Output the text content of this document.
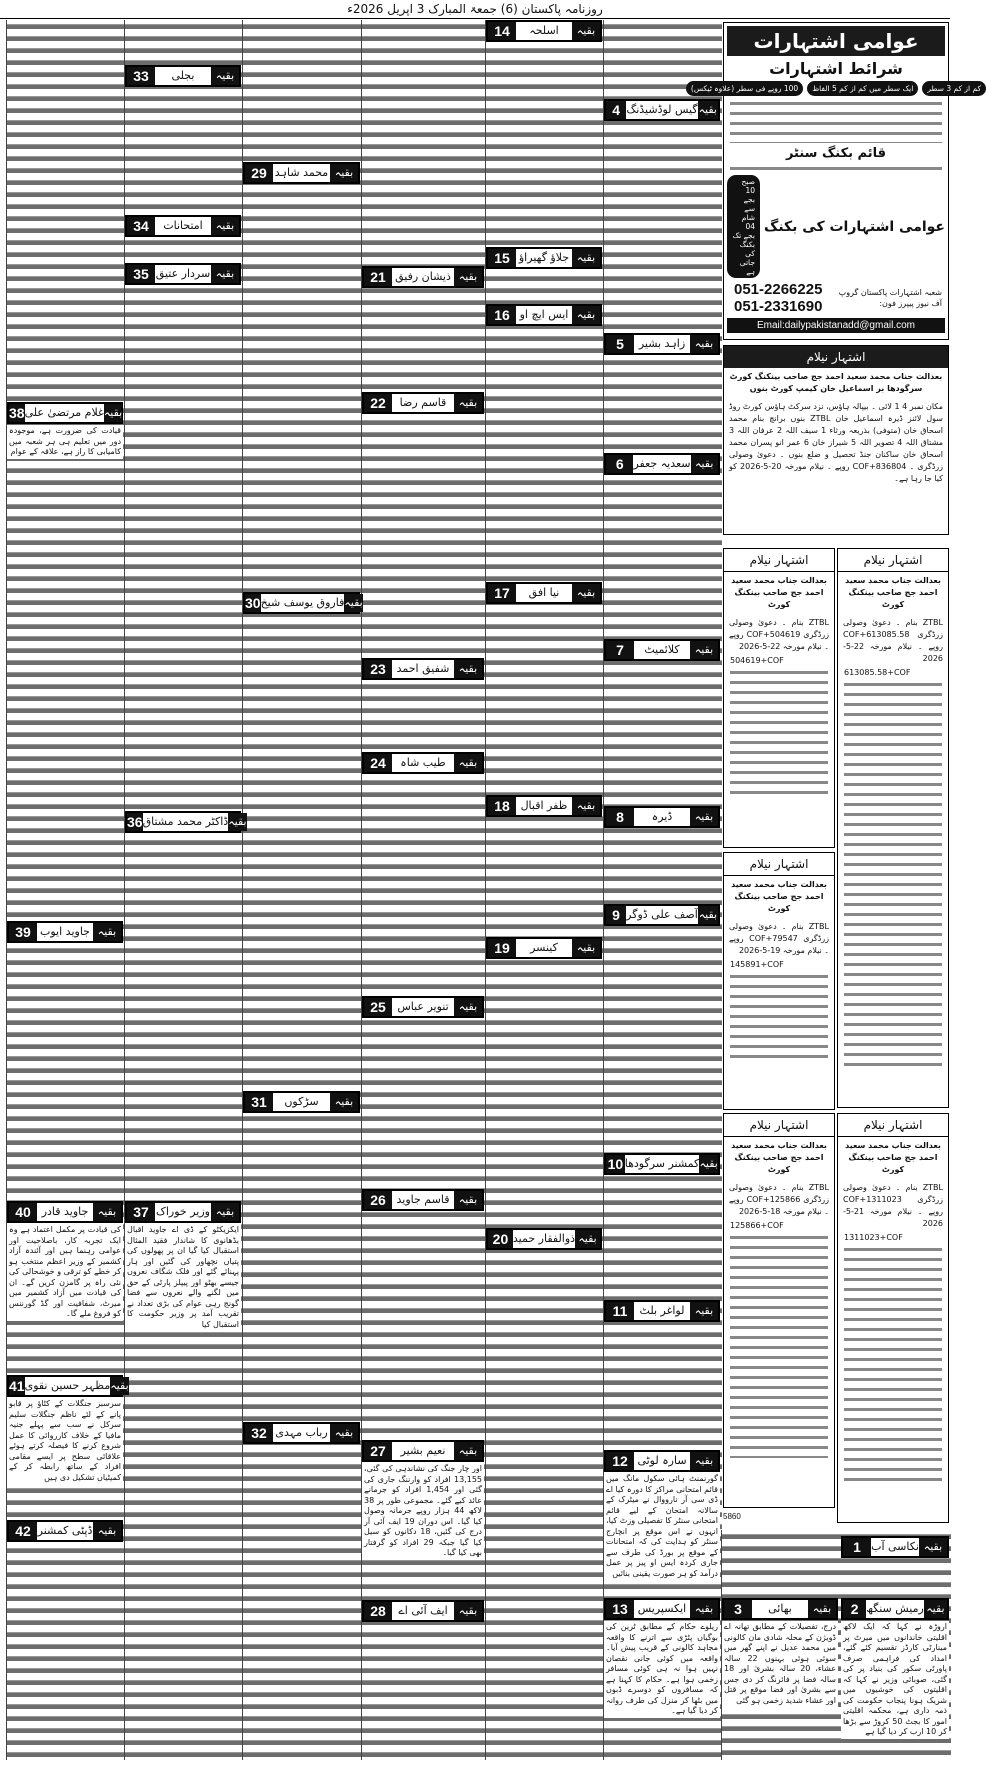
روزنامہ پاکستان (6) جمعۃ المبارک 3 اپریل 2026ء
1 نکاسی آب بقیہ
2 رمیش سنگھ بقیہ
3	بھائی	بقیہ
4 گیس لوڈشیڈنگ بقیہ
5	زاہد بشیر بقیہ
6 سعدیہ جعفر بقیہ
7	کلائمیٹ	بقیہ
8	ڈیرہ	بقیہ
9 آصف علی ڈوگر بقیہ
10 کمشنر سرگودھا بقیہ
11	لواغر بلٹ بقیہ
12 سارہ لوٹی بقیہ
13 ایکسپریس بقیہ
14	اسلحہ	بقیہ
15 جلاؤ گھیراؤ بقیہ
16 ایس ایچ او بقیہ
17	نیا افق	بقیہ
18 ظفر اقبال بقیہ
19	کینسر	بقیہ
20 ذوالفقار حمید بقیہ
21 ذیشان رفیق بقیہ
22	قاسم رضا	بقیہ
23 شفیق احمد بقیہ
24	طیب شاہ	بقیہ
25	تنویر عباس بقیہ
26 قاسم جاوید بقیہ
27	نعیم بشیر	بقیہ
28	ایف آئی اے	بقیہ
29 محمد شاہد بقیہ
30 فاروق یوسف شیخ بقیہ
31	سڑکوں	بقیہ
32 رباب مہدی بقیہ
33	بجلی	بقیہ
34	امتحانات	بقیہ
35 سردار عتیق بقیہ
36 ڈاکٹر محمد مشتاق بقیہ
37 وزیر خوراک بقیہ
38 غلام مرتضیٰ علی بقیہ
39 جاوید ایوب بقیہ
40 جاوید قادر بقیہ
41 مظہر حسین نقوی بقیہ
42 ڈپٹی کمشنر بقیہ
اروڑہ نے کہا کہ ایک لاکھ اقلیتی خاندانوں میں میرٹ پر مینارٹی کارڈز تقسیم کئے گئے، امداد کی فراہمی صرف پاورٹی سکور کی بنیاد پر کی گئی، صوبائی وزیر نے کہا کہ اقلیتوں کی خوشیوں میں شریک ہونا پنجاب حکومت کی ذمہ داری ہے، محکمہ اقلیتی امور کا بجٹ 50 کروڑ سے بڑھا کر 10 ارب کر دیا گیا ہے
درج، تفصیلات کے مطابق تھانہ اے ڈویژن کے محلہ شادی مان کالونی میں محمد عدیل نے اپنے گھر میں سوئی ہوئی بہنوں 22 سالہ عشاء، 20 سالہ بشریٰ اور 18 سالہ فضا پر فائرنگ کر دی جس سے بشریٰ اور فضا موقع پر قتل اور عشاء شدید زخمی ہو گئی
گورنمنٹ ہائی سکول مانگ میں قائم امتحانی مراکز کا دورہ کیا اے ڈی سی آر نارووال نے میٹرک کے سالانہ امتحان کے لیے قائم امتحانی سنٹر کا تفصیلی وزٹ کیا، انہوں نے اس موقع پر انچارج سنٹر کو ہدایت کی کہ امتحانات کے موقع پر بورڈ کی طرف سے جاری کردہ ایس او پیز پر عمل درآمد کو ہر صورت یقینی بنائیں
ریلوے حکام کے مطابق ٹرین کی بوگیاں پٹڑی سے اترنے کا واقعہ مجاہد کالونی کے قریب پیش آیا۔ واقعہ میں کوئی جانی نقصان نہیں ہوا نہ ہی کوئی مسافر زخمی ہوا ہے۔ حکام کا کہنا ہے کہ مسافروں کو دوسرے ڈبوں میں بٹھا کر منزل کی طرف روانہ کر دیا گیا ہے۔
اور چار جنگ کی نشاندہی کی گئی، 13,155 افراد کو وارننگ جاری کی گئی اور 1,454 افراد کو جرمانے عائد کیے گئے۔ مجموعی طور پر 38 لاکھ 44 ہزار روپے جرمانہ وصول کیا گیا۔ اس دوران 19 ایف آئی آر درج کی گئیں، 18 دکانوں کو سیل کیا گیا جبکہ 29 افراد کو گرفتار بھی کیا گیا۔
ایکزیکٹو کے ڈی اے جاوید اقبال بڈھانوی کا شاندار فقید المثال استقبال کیا گیا ان پر پھولوں کی پتیاں نچھاور کی گئیں اور ہار پہنائے گئے اور فلک شگاف نعروں جیسے بھٹو اور پیپلز پارٹی کے حق میں لگنے والے نعروں سے فضا گونج رہی عوام کی بڑی تعداد نے تقریب آمد پر وزیر حکومت کا استقبال کیا
قیادت کی ضرورت ہے، موجودہ دور میں تعلیم ہی ہر شعبہ میں کامیابی کا راز ہے، علاقہ کے عوام
کی قیادت پر مکمل اعتماد ہے وہ ایک تجربہ کار، باصلاحیت اور عوامی رہنما ہیں اور آئندہ آزاد کشمیر کے وزیر اعظم منتخب ہو کر خطے کو ترقی و خوشحالی کی نئی راہ پر گامزن کریں گے۔ ان کی قیادت میں آزاد کشمیر میں میرٹ، شفافیت اور گڈ گورننس کو فروغ ملے گا۔
سرسبز جنگلات کے کٹاؤ پر قابو پانے کے لئے ناظم جنگلات سلیم سرکل نے سب سے پہلے جنیہ مافیا کے خلاف کارروائی کا عمل شروع کرنے کا فیصلہ کرتے ہوئے علاقائی سطح پر ایسے مقامی افراد کے ساتھ رابطہ کر کے کمیٹیاں تشکیل دی ہیں
عوامی اشتہارات
شرائط اشتہارات
کم از کم 3 سطر
ایک سطر میں کم از کم 5 الفاظ
100 روپے فی سطر (علاوہ ٹیکس)
قائم بکنگ سنٹر
عوامی اشتہارات کی بکنگ
صبح 10 بجے سے شام 04 بجے تک بکنگ کی جاتی ہے
شعبہ اشتہارات پاکستان گروپ آف نیوز پیپرز فون:
051-2266225
051-2331690
Email:dailypakistanadd@gmail.com
اشتہار نیلام
بعدالت جناب محمد سعید احمد جج صاحب بینکنگ کورٹ سرگودھا بر اسماعیل خان کیمپ کورٹ بنوں
مکان نمبر 4 1 لائی ۔ بیپالہ ہاؤس، نزد سرکٹ ہاؤس کورٹ روڈ سول لائنز ڈیرہ اسماعیل خان ZTBL بنوں برانچ بنام محمد اسحاق خان (متوفی) بذریعہ ورثاء 1 سیف اللہ 2 عرفان اللہ 3 مشتاق اللہ 4 تصویر اللہ 5 شیراز خان 6 عمر انو پسران محمد اسحاق خان ساکنان جنڈ تحصیل و ضلع بنوں ۔ دعویٰ وصولی زرڈگری ۔ 836804+COF روپے ۔ نیلام مورخہ 20-5-2026 کو کیا جا رہا ہے۔
اشتہار نیلام
بعدالت جناب محمد سعید احمد جج صاحب بینکنگ کورٹ
ZTBL بنام ۔ دعویٰ وصولی زرڈگری 504619+COF روپے ۔ نیلام مورخہ 22-5-2026
504619+COF
اشتہار نیلام
بعدالت جناب محمد سعید احمد جج صاحب بینکنگ کورٹ
ZTBL بنام ۔ دعویٰ وصولی زرڈگری 613085.58+COF روپے ۔ نیلام مورخہ 22-5-2026
613085.58+COF
اشتہار نیلام
بعدالت جناب محمد سعید احمد جج صاحب بینکنگ کورٹ
ZTBL بنام ۔ دعویٰ وصولی زرڈگری 79547+COF روپے ۔ نیلام مورخہ 19-5-2026
145891+COF
اشتہار نیلام
بعدالت جناب محمد سعید احمد جج صاحب بینکنگ کورٹ
ZTBL بنام ۔ دعویٰ وصولی زرڈگری 125866+COF روپے ۔ نیلام مورخہ 18-5-2026
125866+COF
اشتہار نیلام
بعدالت جناب محمد سعید احمد جج صاحب بینکنگ کورٹ
ZTBL بنام ۔ دعویٰ وصولی زرڈگری 1311023+COF روپے ۔ نیلام مورخہ 21-5-2026
1311023+COF
5860
